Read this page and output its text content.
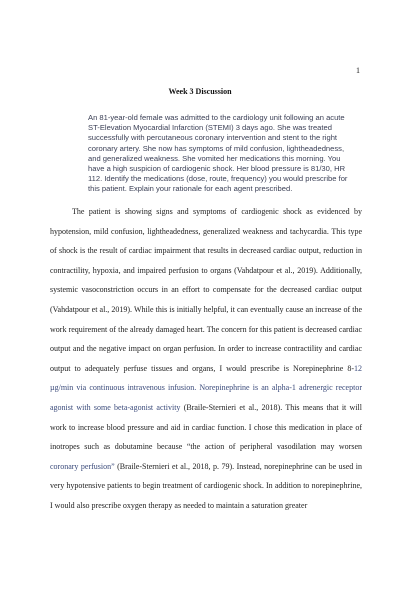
1
Week 3 Discussion
An 81-year-old female was admitted to the cardiology unit following an acute ST-Elevation Myocardial Infarction (STEMI) 3 days ago. She was treated successfully with percutaneous coronary intervention and stent to the right coronary artery. She now has symptoms of mild confusion, lightheadedness, and generalized weakness. She vomited her medications this morning. You have a high suspicion of cardiogenic shock. Her blood pressure is 81/30, HR 112. Identify the medications (dose, route, frequency) you would prescribe for this patient. Explain your rationale for each agent prescribed.

The patient is showing signs and symptoms of cardiogenic shock as evidenced by hypotension, mild confusion, lightheadedness, generalized weakness and tachycardia. This type of shock is the result of cardiac impairment that results in decreased cardiac output, reduction in contractility, hypoxia, and impaired perfusion to organs (Vahdatpour et al., 2019). Additionally, systemic vasoconstriction occurs in an effort to compensate for the decreased cardiac output (Vahdatpour et al., 2019). While this is initially helpful, it can eventually cause an increase of the work requirement of the already damaged heart. The concern for this patient is decreased cardiac output and the negative impact on organ perfusion. In order to increase contractility and cardiac output to adequately perfuse tissues and organs, I would prescribe is Norepinephrine 8-12 µg/min via continuous intravenous infusion. Norepinephrine is an alpha-1 adrenergic receptor agonist with some beta-agonist activity (Braile-Sternieri et al., 2018). This means that it will work to increase blood pressure and aid in cardiac function. I chose this medication in place of inotropes such as dobutamine because “the action of peripheral vasodilation may worsen coronary perfusion” (Braile-Sternieri et al., 2018, p. 79). Instead, norepinephrine can be used in very hypotensive patients to begin treatment of cardiogenic shock. In addition to norepinephrine, I would also prescribe oxygen therapy as needed to maintain a saturation greater
